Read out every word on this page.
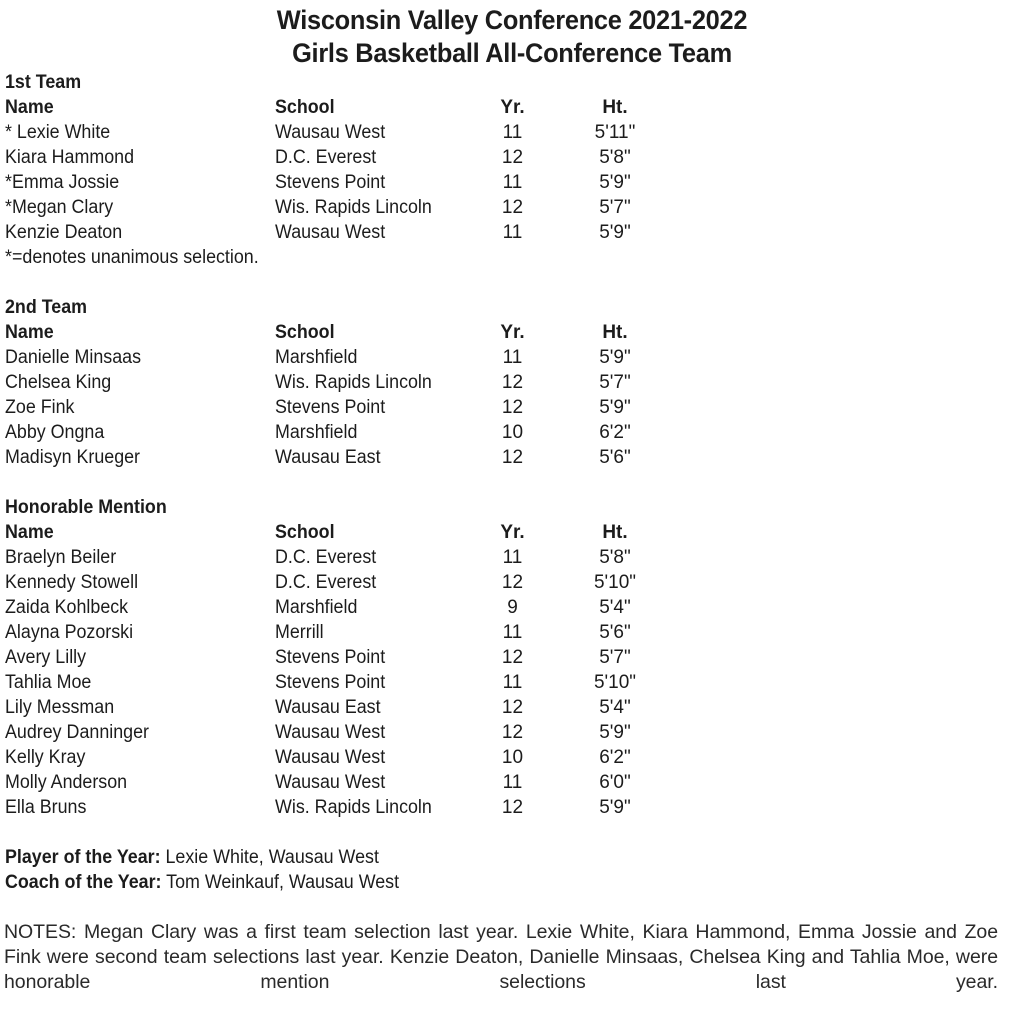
Wisconsin Valley Conference 2021-2022
Girls Basketball All-Conference Team
1st Team
Name	School	Yr.	Ht.
* Lexie White	Wausau West	11	5'11"
Kiara Hammond	D.C. Everest	12	5'8"
*Emma Jossie	Stevens Point	11	5'9"
*Megan Clary	Wis. Rapids Lincoln	12	5'7"
Kenzie Deaton	Wausau West	11	5'9"
*=denotes unanimous selection.
2nd Team
Name	School	Yr.	Ht.
Danielle Minsaas	Marshfield	11	5'9"
Chelsea King	Wis. Rapids Lincoln	12	5'7"
Zoe Fink	Stevens Point	12	5'9"
Abby Ongna	Marshfield	10	6'2"
Madisyn Krueger	Wausau East	12	5'6"
Honorable Mention
Name	School	Yr.	Ht.
Braelyn Beiler	D.C. Everest	11	5'8"
Kennedy Stowell	D.C. Everest	12	5'10"
Zaida Kohlbeck	Marshfield	9	5'4"
Alayna Pozorski	Merrill	11	5'6"
Avery Lilly	Stevens Point	12	5'7"
Tahlia Moe	Stevens Point	11	5'10"
Lily Messman	Wausau East	12	5'4"
Audrey Danninger	Wausau West	12	5'9"
Kelly Kray	Wausau West	10	6'2"
Molly Anderson	Wausau West	11	6'0"
Ella Bruns	Wis. Rapids Lincoln	12	5'9"
Player of the Year: Lexie White, Wausau West
Coach of the Year: Tom Weinkauf, Wausau West
NOTES: Megan Clary was a first team selection last year. Lexie White, Kiara Hammond, Emma Jossie and Zoe Fink were second team selections last year. Kenzie Deaton, Danielle Minsaas, Chelsea King and Tahlia Moe, were honorable mention selections last year.
